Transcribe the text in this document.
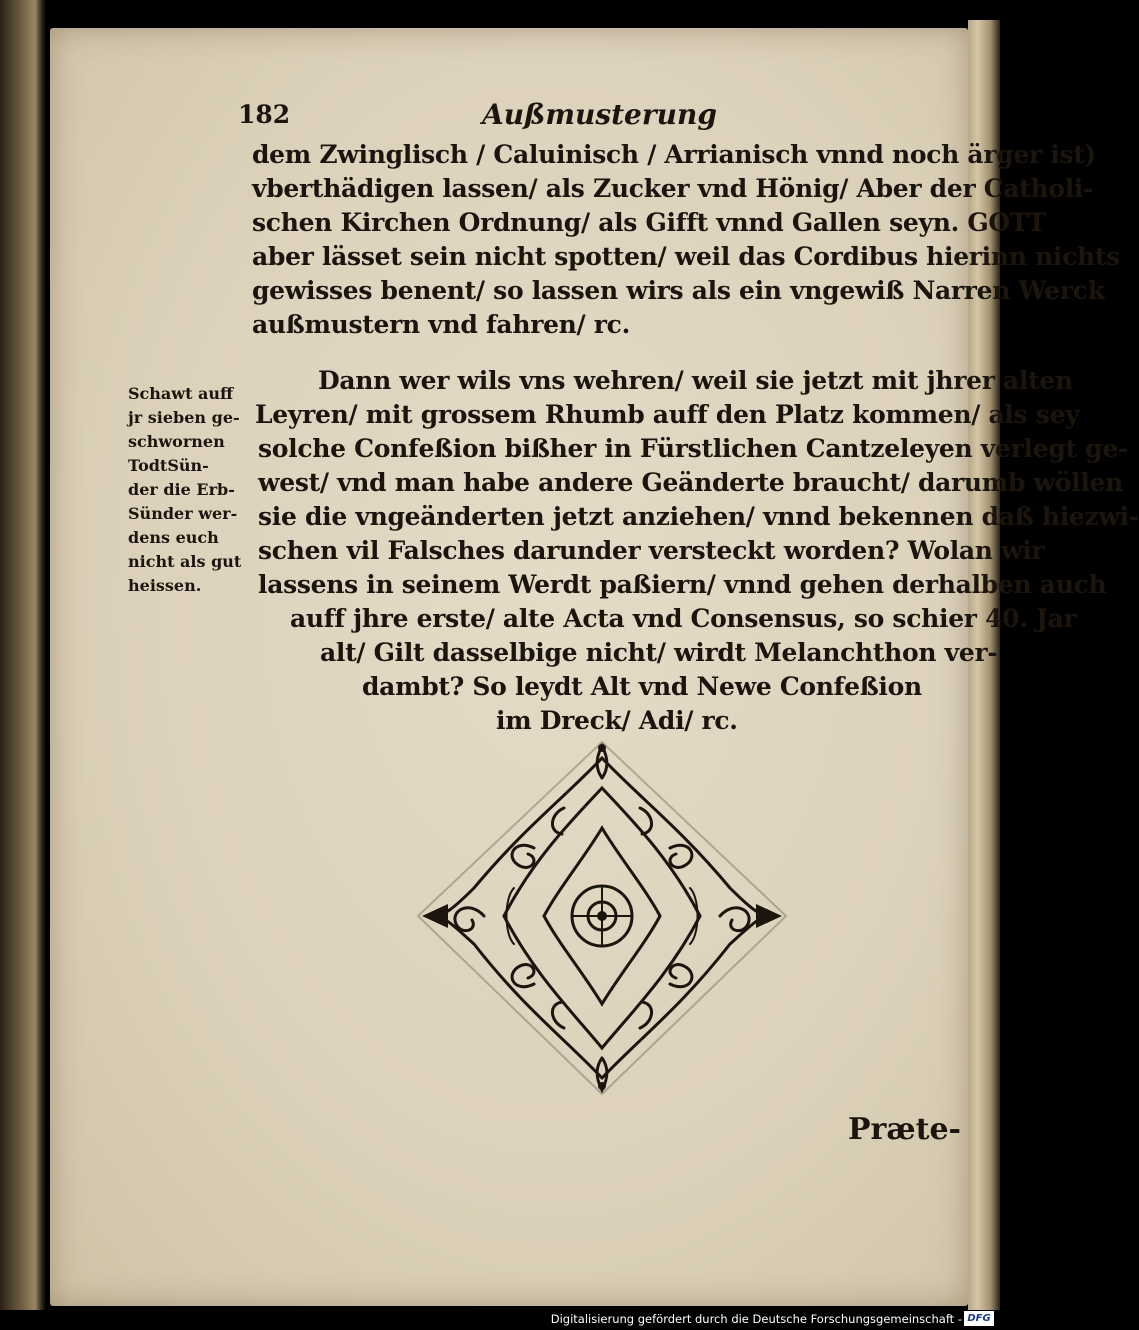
182	Außmusterung
dem Zwinglisch / Caluinisch / Arrianisch vnnd noch ärger ist)
vberthädigen lassen/ als Zucker vnd Hönig/ Aber der Catholi-
schen Kirchen Ordnung/ als Gifft vnnd Gallen seyn. GOTT
aber lässet sein nicht spotten/ weil das Cordibus hierinn nichts
gewisses benent/ so lassen wirs als ein vngewiß Narren Werck
außmustern vnd fahren/ rc.
Dann wer wils vns wehren/ weil sie jetzt mit jhrer alten
Leyren/ mit grossem Rhumb auff den Platz kommen/ als sey
solche Confeßion bißher in Fürstlichen Cantzeleyen verlegt ge-
west/ vnd man habe andere Geänderte braucht/ darumb wöllen
sie die vngeänderten jetzt anziehen/ vnnd bekennen daß hiezwi-
schen vil Falsches darunder versteckt worden? Wolan wir
lassens in seinem Werdt paßiern/ vnnd gehen derhalben auch
auff jhre erste/ alte Acta vnd Consensus, so schier 40. Jar
alt/ Gilt dasselbige nicht/ wirdt Melanchthon ver-
dambt? So leydt Alt vnd Newe Confeßion
im Dreck/ Adi/ rc.
Schawt auff
jr sieben ge-
schwornen
TodtSün-
der die Erb-
Sünder wer-
dens euch
nicht als gut
heissen.
Præte-
Digitalisierung gefördert durch die Deutsche Forschungsgemeinschaft - DFG
